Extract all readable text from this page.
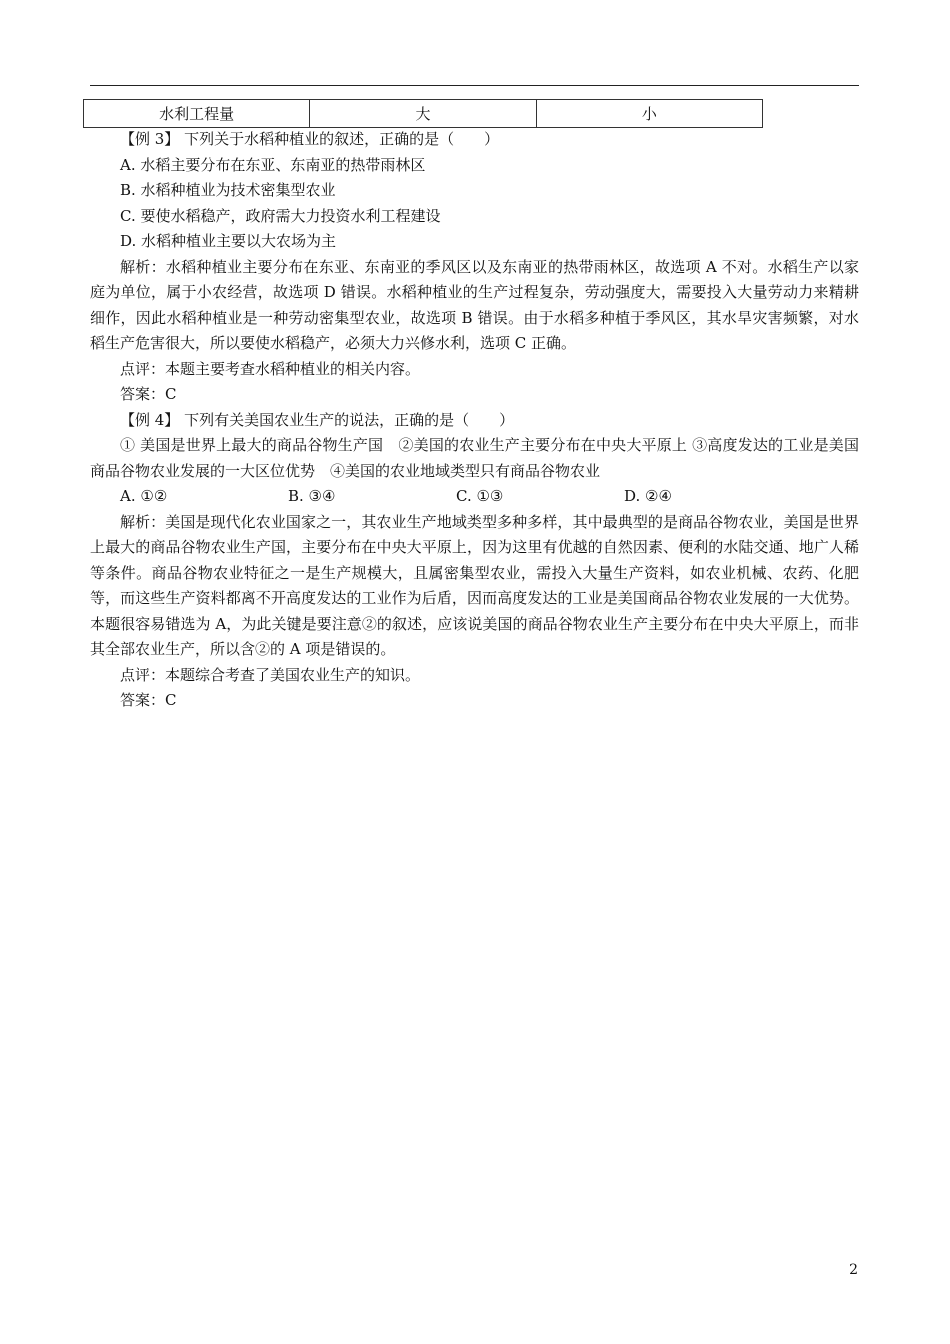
水利工程量	大	小

【例 3】 下列关于水稻种植业的叙述，正确的是（　　）

A. 水稻主要分布在东亚、东南亚的热带雨林区

B. 水稻种植业为技术密集型农业

C. 要使水稻稳产，政府需大力投资水利工程建设

D. 水稻种植业主要以大农场为主

解析：水稻种植业主要分布在东亚、东南亚的季风区以及东南亚的热带雨林区，故选项 A 不对。水稻生产以家庭为单位，属于小农经营，故选项 D 错误。水稻种植业的生产过程复杂，劳动强度大，需要投入大量劳动力来精耕细作，因此水稻种植业是一种劳动密集型农业，故选项 B 错误。由于水稻多种植于季风区，其水旱灾害频繁，对水稻生产危害很大，所以要使水稻稳产，必须大力兴修水利，选项 C 正确。

点评：本题主要考查水稻种植业的相关内容。

答案：C

【例 4】 下列有关美国农业生产的说法，正确的是（　　）

① 美国是世界上最大的商品谷物生产国　②美国的农业生产主要分布在中央大平原上 ③高度发达的工业是美国商品谷物农业发展的一大区位优势　④美国的农业地域类型只有商品谷物农业

A. ①②	B. ③④	C. ①③	D. ②④

解析：美国是现代化农业国家之一，其农业生产地域类型多种多样，其中最典型的是商品谷物农业，美国是世界上最大的商品谷物农业生产国，主要分布在中央大平原上，因为这里有优越的自然因素、便利的水陆交通、地广人稀等条件。商品谷物农业特征之一是生产规模大，且属密集型农业，需投入大量生产资料，如农业机械、农药、化肥等，而这些生产资料都离不开高度发达的工业作为后盾，因而高度发达的工业是美国商品谷物农业发展的一大优势。本题很容易错选为 A，为此关键是要注意②的叙述，应该说美国的商品谷物农业生产主要分布在中央大平原上，而非其全部农业生产，所以含②的 A 项是错误的。

点评：本题综合考查了美国农业生产的知识。

答案：C

2
